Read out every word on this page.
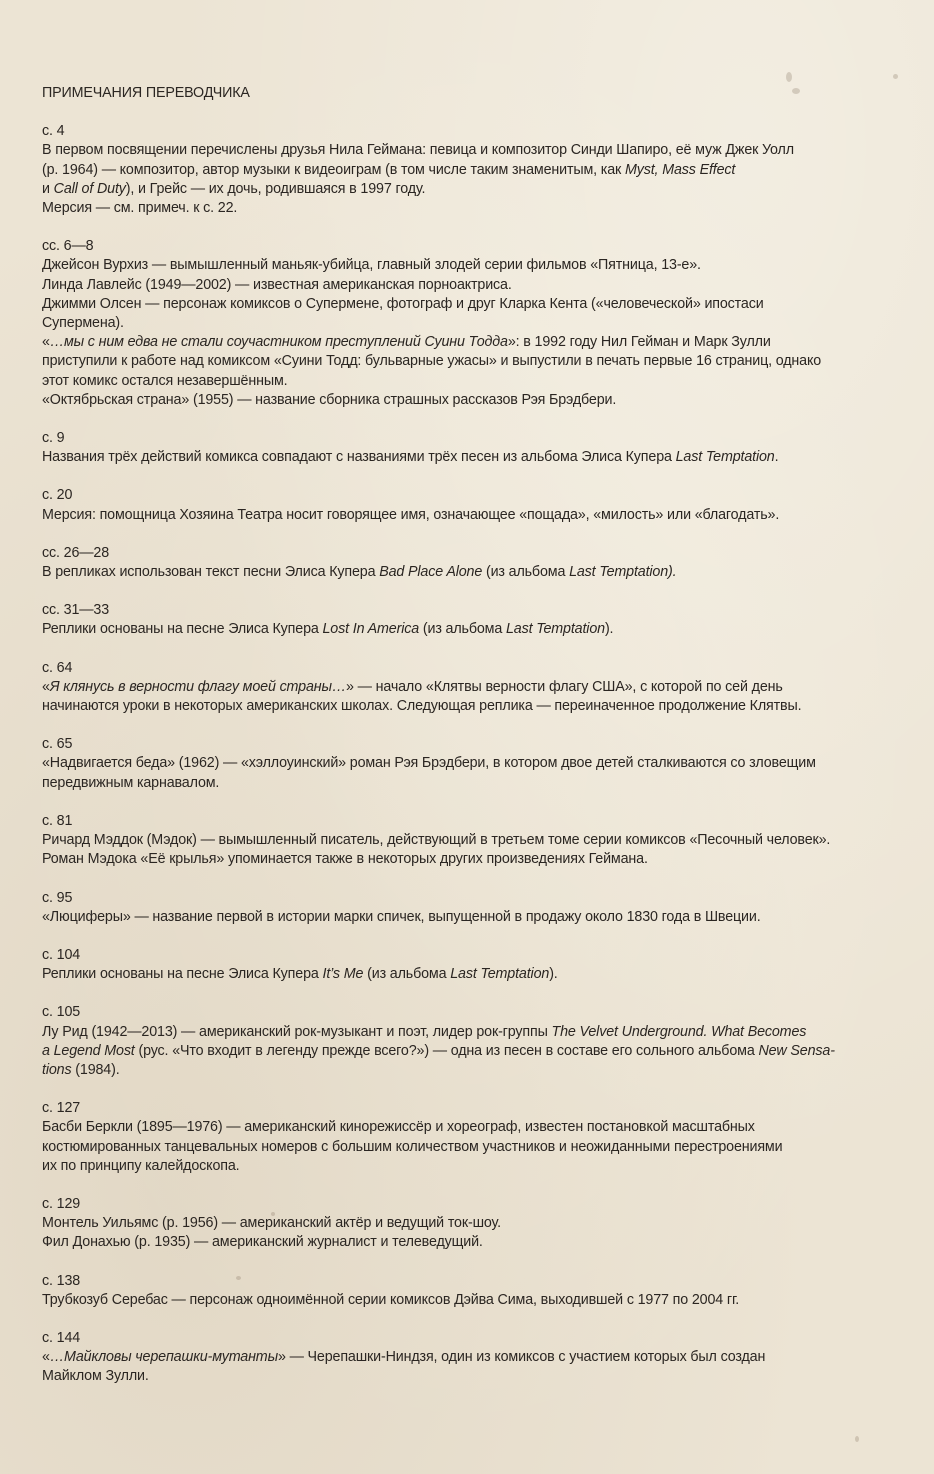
ПРИМЕЧАНИЯ ПЕРЕВОДЧИКА
с. 4
В первом посвящении перечислены друзья Нила Геймана: певица и композитор Синди Шапиро, её муж Джек Уолл
(р. 1964) — композитор, автор музыки к видеоиграм (в том числе таким знаменитым, как Myst, Mass Effect
и Call of Duty), и Грейс — их дочь, родившаяся в 1997 году.
Мерсия — см. примеч. к с. 22.
сс. 6—8
Джейсон Вурхиз — вымышленный маньяк-убийца, главный злодей серии фильмов «Пятница, 13-е».
Линда Лавлейс (1949—2002) — известная американская порноактриса.
Джимми Олсен — персонаж комиксов о Супермене, фотограф и друг Кларка Кента («человеческой» ипостаси
Супермена).
«…мы с ним едва не стали соучастником преступлений Суини Тодда»: в 1992 году Нил Гейман и Марк Зулли
приступили к работе над комиксом «Суини Тодд: бульварные ужасы» и выпустили в печать первые 16 страниц, однако
этот комикс остался незавершённым.
«Октябрьская страна» (1955) — название сборника страшных рассказов Рэя Брэдбери.
с. 9
Названия трёх действий комикса совпадают с названиями трёх песен из альбома Элиса Купера Last Temptation.
с. 20
Мерсия: помощница Хозяина Театра носит говорящее имя, означающее «пощада», «милость» или «благодать».
сс. 26—28
В репликах использован текст песни Элиса Купера Bad Place Alone (из альбома Last Temptation).
сс. 31—33
Реплики основаны на песне Элиса Купера Lost In America (из альбома Last Temptation).
с. 64
«Я клянусь в верности флагу моей страны…» — начало «Клятвы верности флагу США», с которой по сей день
начинаются уроки в некоторых американских школах. Следующая реплика — переиначенное продолжение Клятвы.
с. 65
«Надвигается беда» (1962) — «хэллоуинский» роман Рэя Брэдбери, в котором двое детей сталкиваются со зловещим
передвижным карнавалом.
с. 81
Ричард Мэддок (Мэдок) — вымышленный писатель, действующий в третьем томе серии комиксов «Песочный человек».
Роман Мэдока «Её крылья» упоминается также в некоторых других произведениях Геймана.
с. 95
«Люциферы» — название первой в истории марки спичек, выпущенной в продажу около 1830 года в Швеции.
с. 104
Реплики основаны на песне Элиса Купера It’s Me (из альбома Last Temptation).
с. 105
Лу Рид (1942—2013) — американский рок-музыкант и поэт, лидер рок-группы The Velvet Underground. What Becomes
a Legend Most (рус. «Что входит в легенду прежде всего?») — одна из песен в составе его сольного альбома New Sensa-
tions (1984).
с. 127
Басби Беркли (1895—1976) — американский кинорежиссёр и хореограф, известен постановкой масштабных
костюмированных танцевальных номеров с большим количеством участников и неожиданными перестроениями
их по принципу калейдоскопа.
с. 129
Монтель Уильямс (р. 1956) — американский актёр и ведущий ток-шоу.
Фил Донахью (р. 1935) — американский журналист и телеведущий.
с. 138
Трубкозуб Серебас — персонаж одноимённой серии комиксов Дэйва Сима, выходившей с 1977 по 2004 гг.
с. 144
«…Майкловы черепашки-мутанты» — Черепашки-Ниндзя, один из комиксов с участием которых был создан
Майклом Зулли.
